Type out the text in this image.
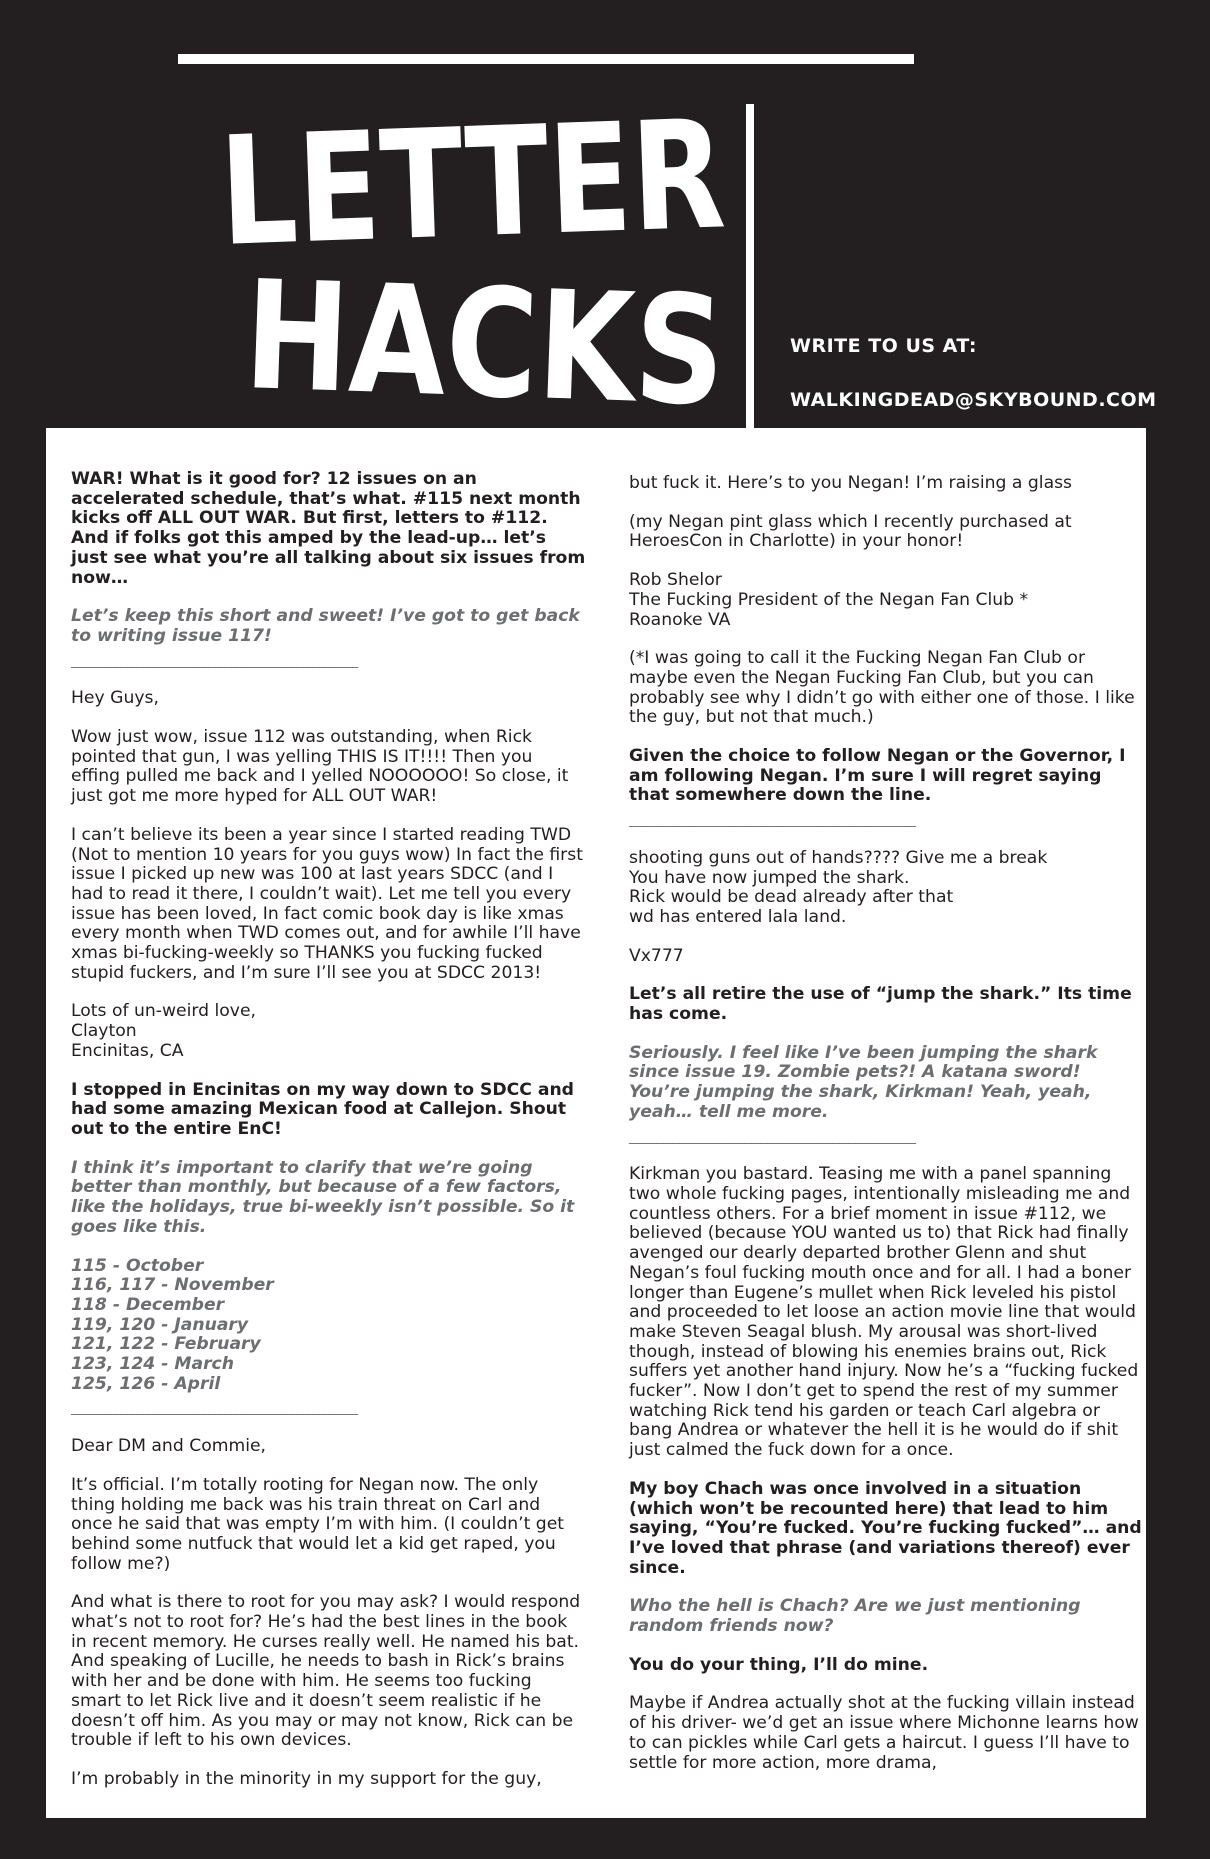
LETTER
HACKS
WRITE TO US AT:
WALKINGDEAD@SKYBOUND.COM
WAR! What is it good for? 12 issues on an accelerated schedule, that’s what. #115 next month kicks off ALL OUT WAR. But first, letters to #112. And if folks got this amped by the lead-up… let’s just see what you’re all talking about six issues from now…
Let’s keep this short and sweet! I’ve got to get back to writing issue 117!
____________________________________________________
Hey Guys,
Wow just wow, issue 112 was outstanding, when Rick pointed that gun, I was yelling THIS IS IT!!!! Then you effing pulled me back and I yelled NOOOOOO! So close, it just got me more hyped for ALL OUT WAR!
I can’t believe its been a year since I started reading TWD (Not to mention 10 years for you guys wow) In fact the first issue I picked up new was 100 at last years SDCC (and I had to read it there, I couldn’t wait). Let me tell you every issue has been loved, In fact comic book day is like xmas every month when TWD comes out, and for awhile I’ll have xmas bi-fucking-weekly so THANKS you fucking fucked stupid fuckers, and I’m sure I’ll see you at SDCC 2013!
Lots of un-weird love,
Clayton
Encinitas, CA
I stopped in Encinitas on my way down to SDCC and had some amazing Mexican food at Callejon. Shout out to the entire EnC!
I think it’s important to clarify that we’re going better than monthly, but because of a few factors, like the holidays, true bi-weekly isn’t possible. So it goes like this.
115 - October
116, 117 - November
118 - December
119, 120 - January
121, 122 - February
123, 124 - March
125, 126 - April
____________________________________________________
Dear DM and Commie,
It’s official. I’m totally rooting for Negan now. The only thing holding me back was his train threat on Carl and once he said that was empty I’m with him. (I couldn’t get behind some nutfuck that would let a kid get raped, you follow me?)
And what is there to root for you may ask? I would respond what’s not to root for? He’s had the best lines in the book in recent memory. He curses really well. He named his bat. And speaking of Lucille, he needs to bash in Rick’s brains with her and be done with him. He seems too fucking smart to let Rick live and it doesn’t seem realistic if he doesn’t off him. As you may or may not know, Rick can be trouble if left to his own devices.
I’m probably in the minority in my support for the guy,
but fuck it. Here’s to you Negan! I’m raising a glass
(my Negan pint glass which I recently purchased at HeroesCon in Charlotte) in your honor!
Rob Shelor
The Fucking President of the Negan Fan Club *
Roanoke VA
(*I was going to call it the Fucking Negan Fan Club or maybe even the Negan Fucking Fan Club, but you can probably see why I didn’t go with either one of those. I like the guy, but not that much.)
Given the choice to follow Negan or the Governor, I am following Negan. I’m sure I will regret saying that somewhere down the line.
____________________________________________________
shooting guns out of hands???? Give me a break
You have now jumped the shark.
Rick would be dead already after that
wd has entered lala land.
Vx777
Let’s all retire the use of “jump the shark.” Its time has come.
Seriously. I feel like I’ve been jumping the shark since issue 19. Zombie pets?! A katana sword! You’re jumping the shark, Kirkman! Yeah, yeah, yeah… tell me more.
____________________________________________________
Kirkman you bastard. Teasing me with a panel spanning two whole fucking pages, intentionally misleading me and countless others. For a brief moment in issue #112, we believed (because YOU wanted us to) that Rick had finally avenged our dearly departed brother Glenn and shut Negan’s foul fucking mouth once and for all. I had a boner longer than Eugene’s mullet when Rick leveled his pistol and proceeded to let loose an action movie line that would make Steven Seagal blush. My arousal was short-lived though, instead of blowing his enemies brains out, Rick suffers yet another hand injury. Now he’s a “fucking fucked fucker”. Now I don’t get to spend the rest of my summer watching Rick tend his garden or teach Carl algebra or bang Andrea or whatever the hell it is he would do if shit just calmed the fuck down for a once.
My boy Chach was once involved in a situation (which won’t be recounted here) that lead to him saying, “You’re fucked. You’re fucking fucked”… and I’ve loved that phrase (and variations thereof) ever since.
Who the hell is Chach? Are we just mentioning random friends now?
You do your thing, I’ll do mine.
Maybe if Andrea actually shot at the fucking villain instead of his driver- we’d get an issue where Michonne learns how to can pickles while Carl gets a haircut. I guess I’ll have to settle for more action, more drama,
